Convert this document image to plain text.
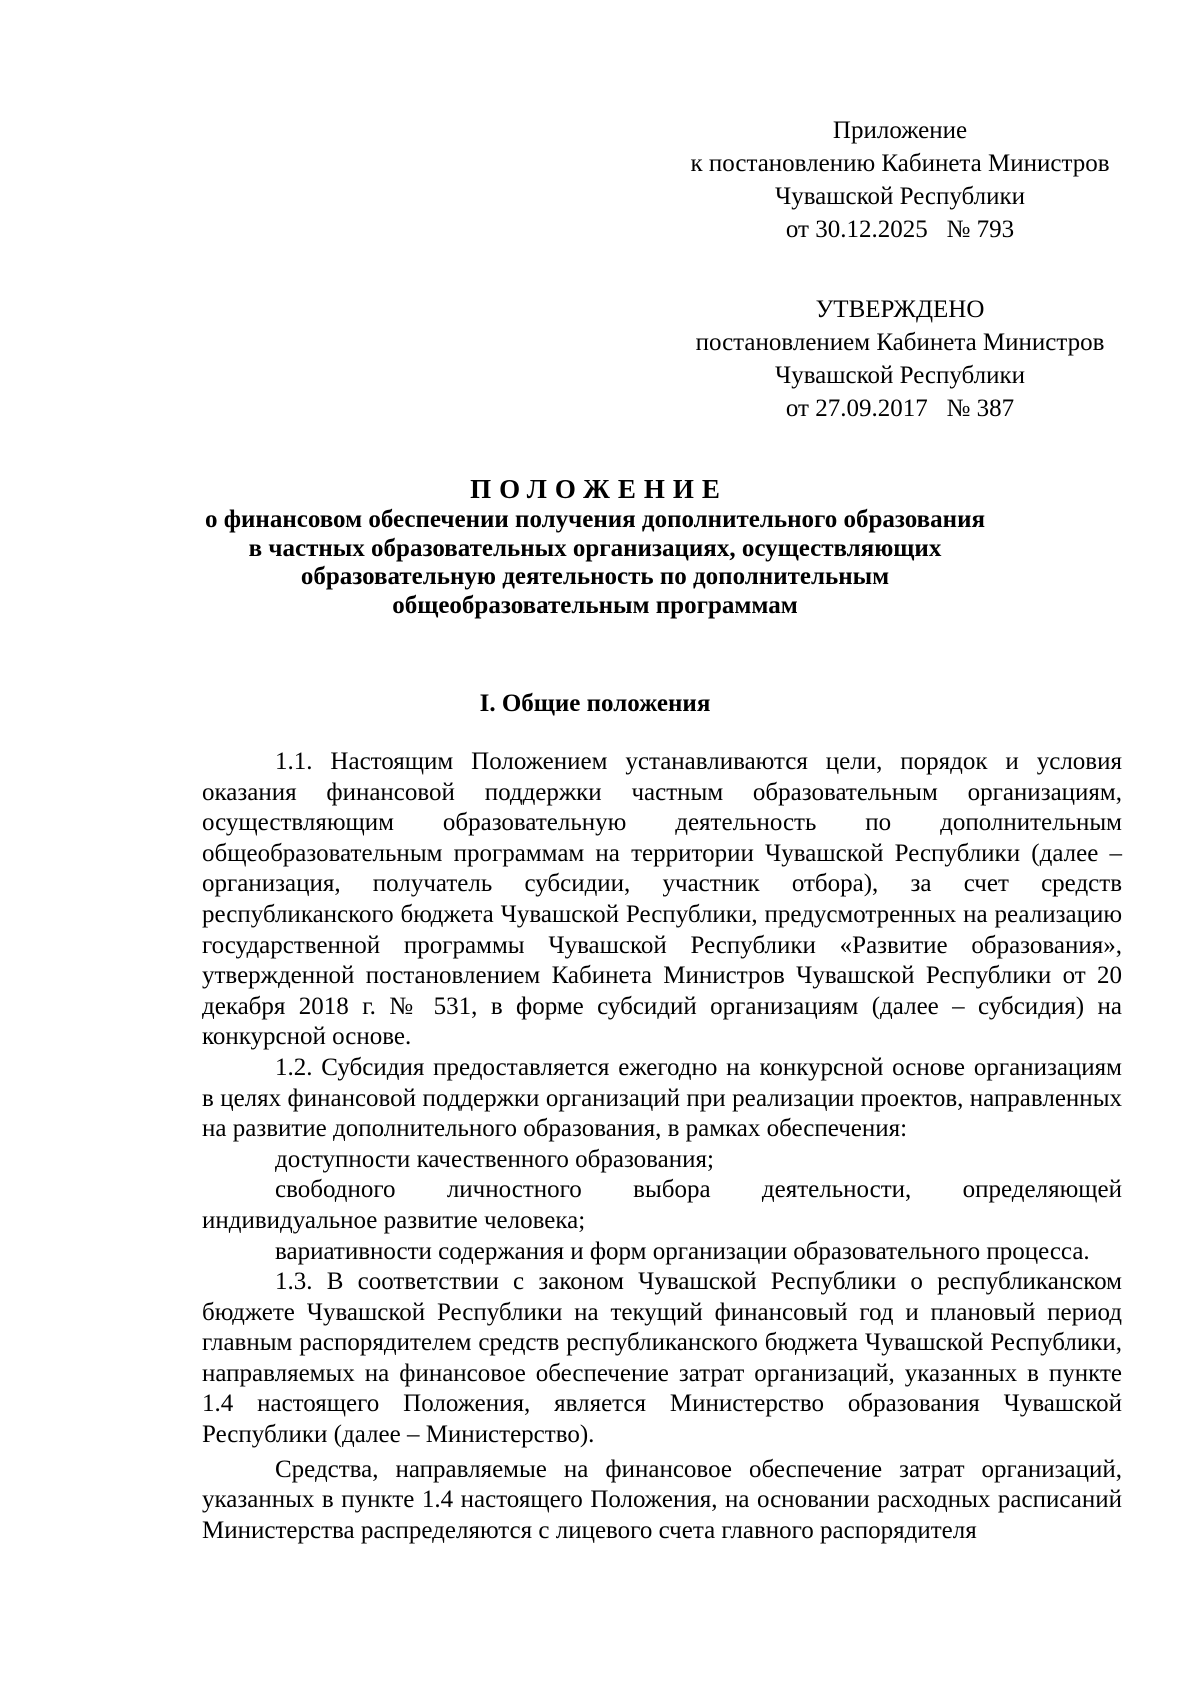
Приложение
к постановлению Кабинета Министров
Чувашской Республики
от 30.12.2025   № 793
УТВЕРЖДЕНО
постановлением Кабинета Министров
Чувашской Республики
от 27.09.2017   № 387
ПОЛОЖЕНИЕ
о финансовом обеспечении получения дополнительного образования
в частных образовательных организациях, осуществляющих
образовательную деятельность по дополнительным
общеобразовательным программам
I. Общие положения

1.1. Настоящим Положением устанавливаются цели, порядок и условия оказания финансовой поддержки частным образовательным организациям, осуществляющим образовательную деятельность по дополнительным общеобразовательным программам на территории Чувашской Республики (далее – организация, получатель субсидии, участник отбора), за счет средств республиканского бюджета Чувашской Республики, предусмотренных на реализацию государственной программы Чувашской Республики «Развитие образования», утвержденной постановлением Кабинета Министров Чувашской Республики от 20 декабря 2018 г. № 531, в форме субсидий организациям (далее – субсидия) на конкурсной основе.

1.2. Субсидия предоставляется ежегодно на конкурсной основе организациям в целях финансовой поддержки организаций при реализации проектов, направленных на развитие дополнительного образования, в рамках обеспечения:

доступности качественного образования;

свободного личностного выбора деятельности, определяющей индивидуальное развитие человека;

вариативности содержания и форм организации образовательного процесса.

1.3. В соответствии с законом Чувашской Республики о республиканском бюджете Чувашской Республики на текущий финансовый год и плановый период главным распорядителем средств республиканского бюджета Чувашской Республики, направляемых на финансовое обеспечение затрат организаций, указанных в пункте 1.4 настоящего Положения, является Министерство образования Чувашской Республики (далее – Министерство).

Средства, направляемые на финансовое обеспечение затрат организаций, указанных в пункте 1.4 настоящего Положения, на основании расходных расписаний Министерства распределяются с лицевого счета главного распорядителя
